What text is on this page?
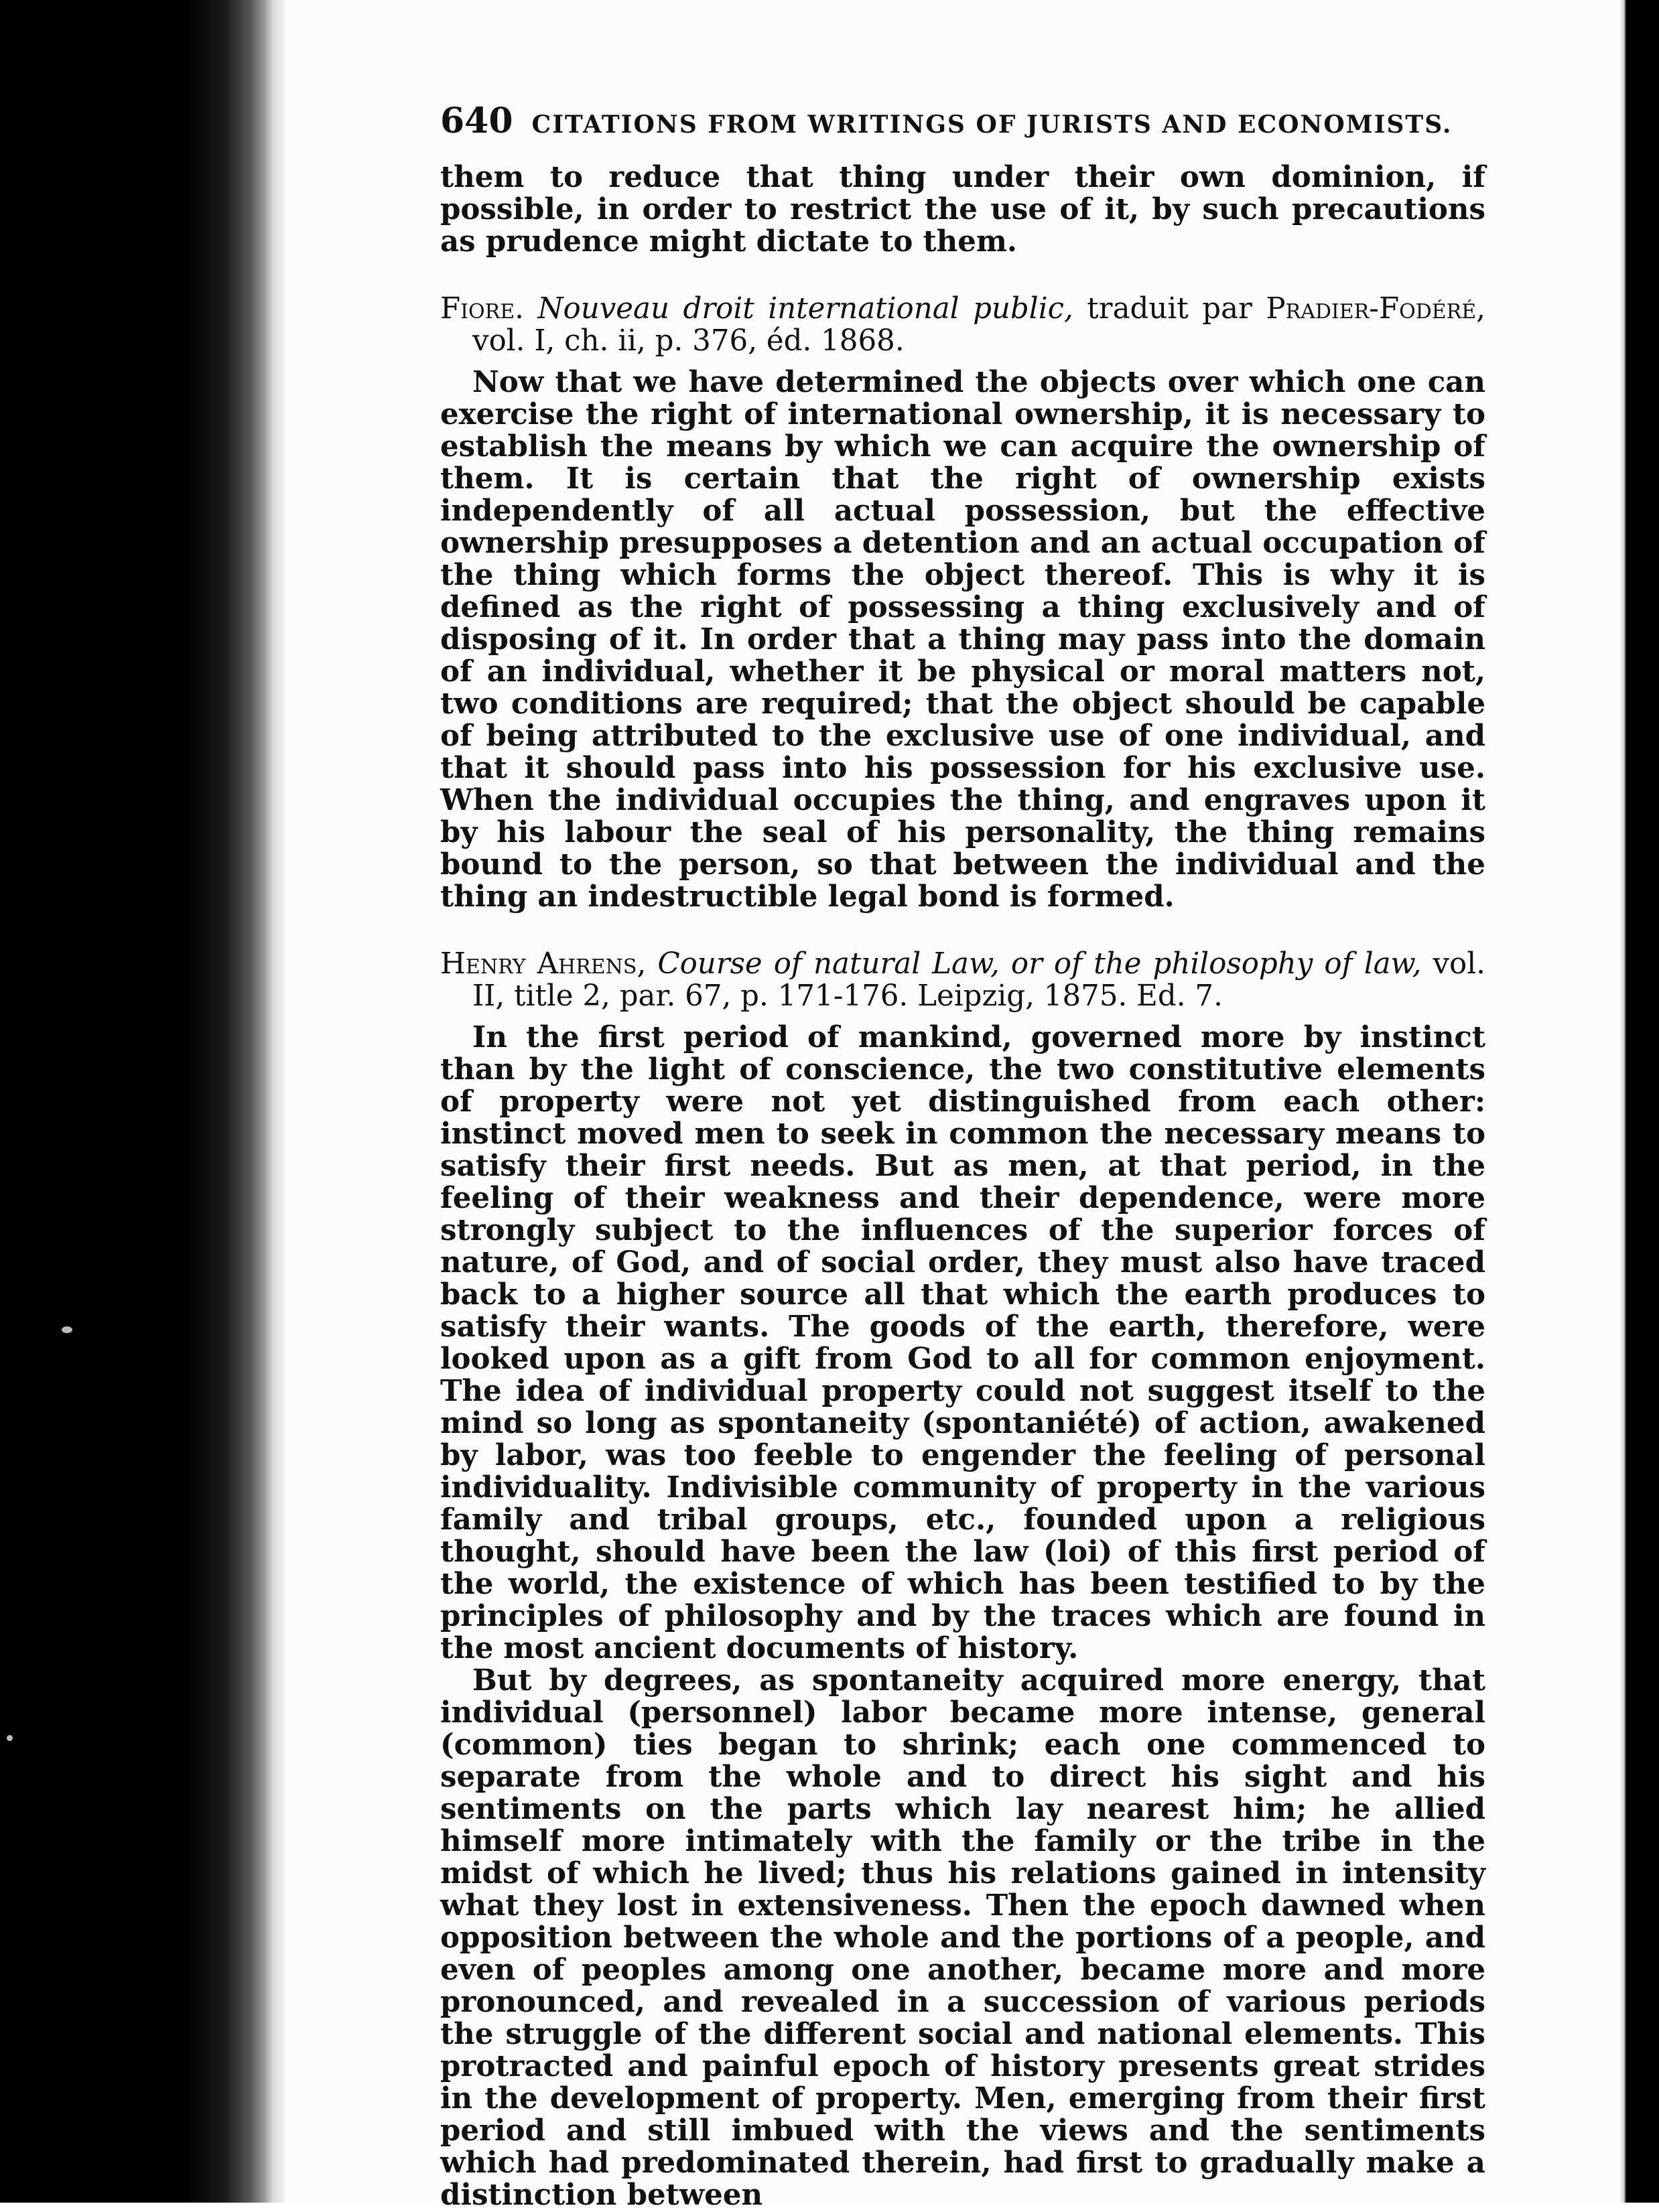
640 CITATIONS FROM WRITINGS OF JURISTS AND ECONOMISTS.

them to reduce that thing under their own dominion, if possible, in order to restrict the use of it, by such precautions as prudence might dictate to them.

Fiore. Nouveau droit international public, traduit par Pradier-Fodéré, vol. I, ch. ii, p. 376, éd. 1868.

Now that we have determined the objects over which one can exercise the right of international ownership, it is necessary to establish the means by which we can acquire the ownership of them. It is certain that the right of ownership exists independently of all actual possession, but the effective ownership presupposes a detention and an actual occupation of the thing which forms the object thereof. This is why it is defined as the right of possessing a thing exclusively and of disposing of it. In order that a thing may pass into the domain of an individual, whether it be physical or moral matters not, two conditions are required; that the object should be capable of being attributed to the exclusive use of one individual, and that it should pass into his possession for his exclusive use. When the individual occupies the thing, and engraves upon it by his labour the seal of his personality, the thing remains bound to the person, so that between the individual and the thing an indestructible legal bond is formed.

Henry Ahrens, Course of natural Law, or of the philosophy of law, vol. II, title 2, par. 67, p. 171-176. Leipzig, 1875. Ed. 7.

In the first period of mankind, governed more by instinct than by the light of conscience, the two constitutive elements of property were not yet distinguished from each other: instinct moved men to seek in common the necessary means to satisfy their first needs. But as men, at that period, in the feeling of their weakness and their dependence, were more strongly subject to the influences of the superior forces of nature, of God, and of social order, they must also have traced back to a higher source all that which the earth produces to satisfy their wants. The goods of the earth, therefore, were looked upon as a gift from God to all for common enjoyment. The idea of individual property could not suggest itself to the mind so long as spontaneity (spontaniété) of action, awakened by labor, was too feeble to engender the feeling of personal individuality. Indivisible community of property in the various family and tribal groups, etc., founded upon a religious thought, should have been the law (loi) of this first period of the world, the existence of which has been testified to by the principles of philosophy and by the traces which are found in the most ancient documents of history.

But by degrees, as spontaneity acquired more energy, that individual (personnel) labor became more intense, general (common) ties began to shrink; each one commenced to separate from the whole and to direct his sight and his sentiments on the parts which lay nearest him; he allied himself more intimately with the family or the tribe in the midst of which he lived; thus his relations gained in intensity what they lost in extensiveness. Then the epoch dawned when opposition between the whole and the portions of a people, and even of peoples among one another, became more and more pronounced, and revealed in a succession of various periods the struggle of the different social and national elements. This protracted and painful epoch of history presents great strides in the development of property. Men, emerging from their first period and still imbued with the views and the sentiments which had predominated therein, had first to gradually make a distinction between
